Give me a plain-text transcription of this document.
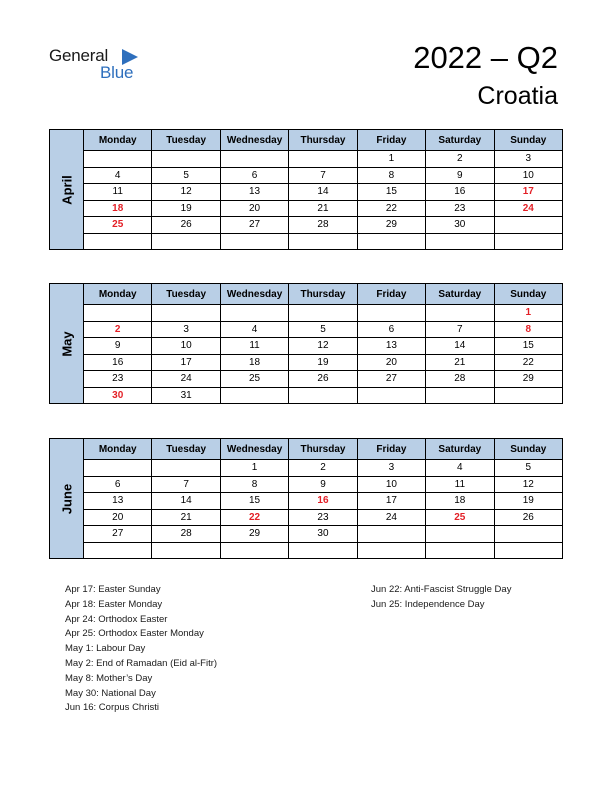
General
Blue	2022 – Q2
Croatia
April	Monday	Tuesday	Wednesday	Thursday	Friday	Saturday	Sunday
					1	2	3
	4	5	6	7	8	9	10
	11	12	13	14	15	16	17
	18	19	20	21	22	23	24
	25	26	27	28	29	30	

May	Monday	Tuesday	Wednesday	Thursday	Friday	Saturday	Sunday
							1
	2	3	4	5	6	7	8
	9	10	11	12	13	14	15
	16	17	18	19	20	21	22
	23	24	25	26	27	28	29
	30	31					
June	Monday	Tuesday	Wednesday	Thursday	Friday	Saturday	Sunday
			1	2	3	4	5
	6	7	8	9	10	11	12
	13	14	15	16	17	18	19
	20	21	22	23	24	25	26
	27	28	29	30			

Apr 17: Easter Sunday
Apr 18: Easter Monday
Apr 24: Orthodox Easter
Apr 25: Orthodox Easter Monday
May 1: Labour Day
May 2: End of Ramadan (Eid al-Fitr)
May 8: Mother’s Day
May 30: National Day
Jun 16: Corpus Christi
Jun 22: Anti-Fascist Struggle Day
Jun 25: Independence Day
